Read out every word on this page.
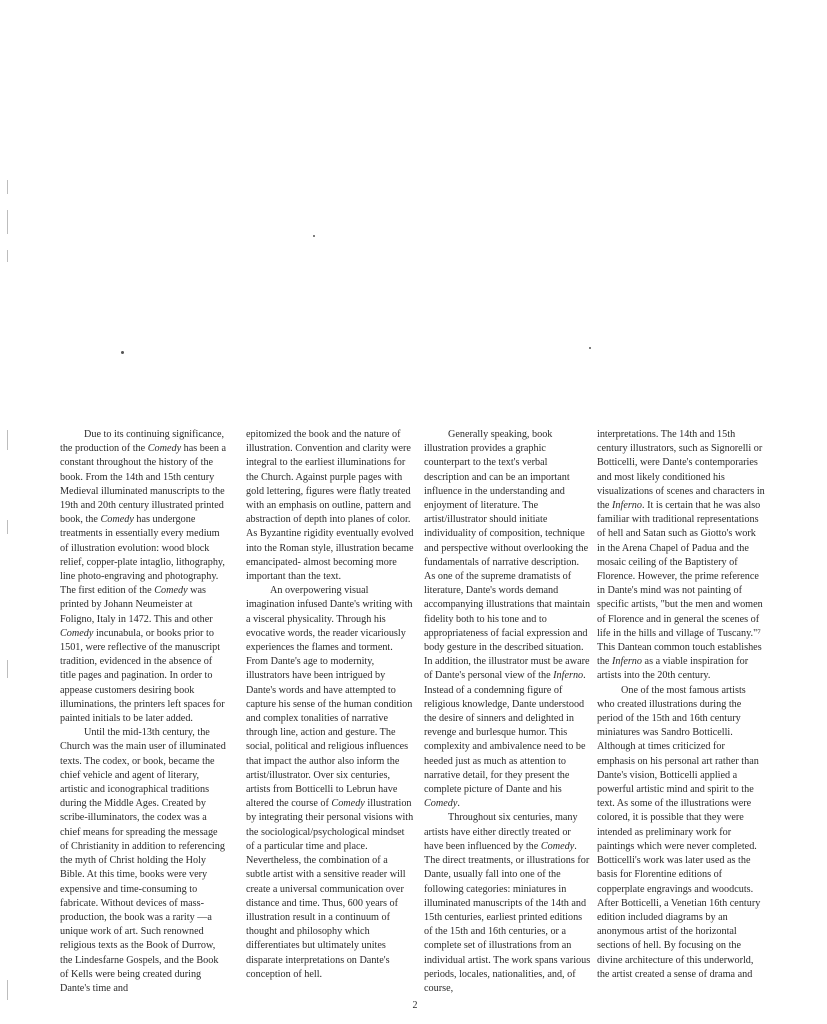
Due to its continuing significance, the production of the Comedy has been a constant throughout the history of the book. From the 14th and 15th century Medieval illuminated manuscripts to the 19th and 20th century illustrated printed book, the Comedy has undergone treatments in essentially every medium of illustration evolution: wood block relief, copper-plate intaglio, lithography, line photo-engraving and photography. The first edition of the Comedy was printed by Johann Neumeister at Foligno, Italy in 1472. This and other Comedy incunabula, or books prior to 1501, were reflective of the manuscript tradition, evidenced in the absence of title pages and pagination. In order to appease customers desiring book illuminations, the printers left spaces for painted initials to be later added.

Until the mid-13th century, the Church was the main user of illuminated texts. The codex, or book, became the chief vehicle and agent of literary, artistic and iconographical traditions during the Middle Ages. Created by scribe-illuminators, the codex was a chief means for spreading the message of Christianity in addition to referencing the myth of Christ holding the Holy Bible. At this time, books were very expensive and time-consuming to fabricate. Without devices of mass-production, the book was a rarity —a unique work of art. Such renowned religious texts as the Book of Durrow, the Lindesfarne Gospels, and the Book of Kells were being created during Dante's time and

epitomized the book and the nature of illustration. Convention and clarity were integral to the earliest illuminations for the Church. Against purple pages with gold lettering, figures were flatly treated with an emphasis on outline, pattern and abstraction of depth into planes of color. As Byzantine rigidity eventually evolved into the Roman style, illustration became emancipated- almost becoming more important than the text.

An overpowering visual imagination infused Dante's writing with a visceral physicality. Through his evocative words, the reader vicariously experiences the flames and torment. From Dante's age to modernity, illustrators have been intrigued by Dante's words and have attempted to capture his sense of the human condition and complex tonalities of narrative through line, action and gesture. The social, political and religious influences that impact the author also inform the artist/illustrator. Over six centuries, artists from Botticelli to Lebrun have altered the course of Comedy illustration by integrating their personal visions with the sociological/psychological mindset of a particular time and place. Nevertheless, the combination of a subtle artist with a sensitive reader will create a universal communication over distance and time. Thus, 600 years of illustration result in a continuum of thought and philosophy which differentiates but ultimately unites disparate interpretations on Dante's conception of hell.

Generally speaking, book illustration provides a graphic counterpart to the text's verbal description and can be an important influence in the understanding and enjoyment of literature. The artist/illustrator should initiate individuality of composition, technique and perspective without overlooking the fundamentals of narrative description. As one of the supreme dramatists of literature, Dante's words demand accompanying illustrations that maintain fidelity both to his tone and to appropriateness of facial expression and body gesture in the described situation. In addition, the illustrator must be aware of Dante's personal view of the Inferno. Instead of a condemning figure of religious knowledge, Dante understood the desire of sinners and delighted in revenge and burlesque humor. This complexity and ambivalence need to be heeded just as much as attention to narrative detail, for they present the complete picture of Dante and his Comedy.

Throughout six centuries, many artists have either directly treated or have been influenced by the Comedy. The direct treatments, or illustrations for Dante, usually fall into one of the following categories: miniatures in illuminated manuscripts of the 14th and 15th centuries, earliest printed editions of the 15th and 16th centuries, or a complete set of illustrations from an individual artist. The work spans various periods, locales, nationalities, and, of course,

interpretations. The 14th and 15th century illustrators, such as Signorelli or Botticelli, were Dante's contemporaries and most likely conditioned his visualizations of scenes and characters in the Inferno. It is certain that he was also familiar with traditional representations of hell and Satan such as Giotto's work in the Arena Chapel of Padua and the mosaic ceiling of the Baptistery of Florence. However, the prime reference in Dante's mind was not painting of specific artists, "but the men and women of Florence and in general the scenes of life in the hills and village of Tuscany."⁷ This Dantean common touch establishes the Inferno as a viable inspiration for artists into the 20th century.

One of the most famous artists who created illustrations during the period of the 15th and 16th century miniatures was Sandro Botticelli. Although at times criticized for emphasis on his personal art rather than Dante's vision, Botticelli applied a powerful artistic mind and spirit to the text. As some of the illustrations were colored, it is possible that they were intended as preliminary work for paintings which were never completed. Botticelli's work was later used as the basis for Florentine editions of copperplate engravings and woodcuts. After Botticelli, a Venetian 16th century edition included diagrams by an anonymous artist of the horizontal sections of hell. By focusing on the divine architecture of this underworld, the artist created a sense of drama and

2
